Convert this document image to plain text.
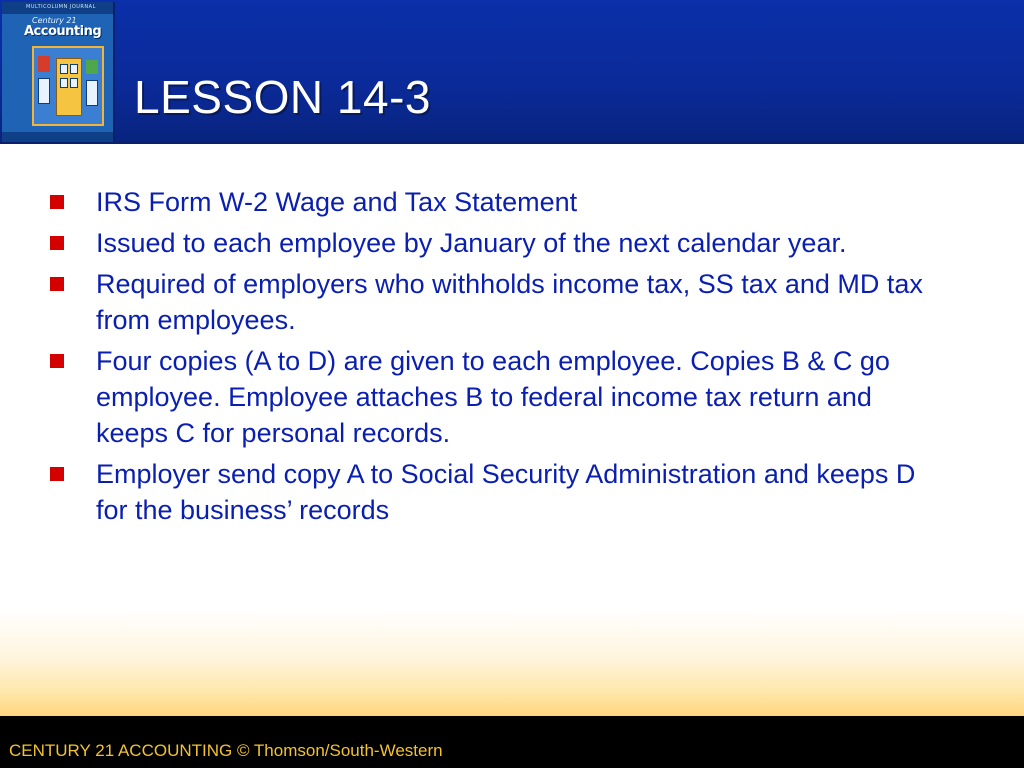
MULTICOLUMN JOURNAL
Century 21
Accounting
LESSON 14-3
IRS Form W-2 Wage and Tax Statement
Issued to each employee by January of the next calendar year.
Required of employers who withholds income tax, SS tax and MD tax from employees.
Four copies (A to D) are given to each employee. Copies B & C go employee. Employee attaches B to federal income tax return and keeps C for personal records.
Employer send copy A to Social Security Administration and keeps D for the business’ records
CENTURY 21 ACCOUNTING © Thomson/South-Western
